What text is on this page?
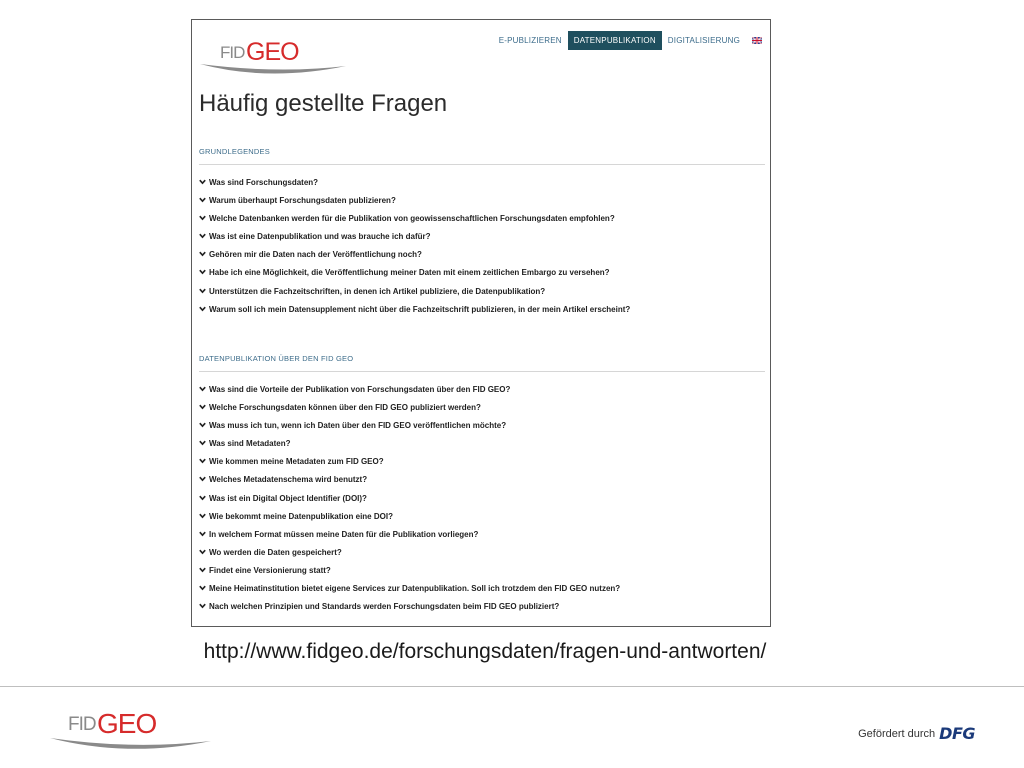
FID GEO	E-PUBLIZIEREN	DATENPUBLIKATION	DIGITALISIERUNG
Häufig gestellte Fragen
GRUNDLEGENDES
Was sind Forschungsdaten?
Warum überhaupt Forschungsdaten publizieren?
Welche Datenbanken werden für die Publikation von geowissenschaftlichen Forschungsdaten empfohlen?
Was ist eine Datenpublikation und was brauche ich dafür?
Gehören mir die Daten nach der Veröffentlichung noch?
Habe ich eine Möglichkeit, die Veröffentlichung meiner Daten mit einem zeitlichen Embargo zu versehen?
Unterstützen die Fachzeitschriften, in denen ich Artikel publiziere, die Datenpublikation?
Warum soll ich mein Datensupplement nicht über die Fachzeitschrift publizieren, in der mein Artikel erscheint?
DATENPUBLIKATION ÜBER DEN FID GEO
Was sind die Vorteile der Publikation von Forschungsdaten über den FID GEO?
Welche Forschungsdaten können über den FID GEO publiziert werden?
Was muss ich tun, wenn ich Daten über den FID GEO veröffentlichen möchte?
Was sind Metadaten?
Wie kommen meine Metadaten zum FID GEO?
Welches Metadatenschema wird benutzt?
Was ist ein Digital Object Identifier (DOI)?
Wie bekommt meine Datenpublikation eine DOI?
In welchem Format müssen meine Daten für die Publikation vorliegen?
Wo werden die Daten gespeichert?
Findet eine Versionierung statt?
Meine Heimatinstitution bietet eigene Services zur Datenpublikation. Soll ich trotzdem den FID GEO nutzen?
Nach welchen Prinzipien und Standards werden Forschungsdaten beim FID GEO publiziert?
http://www.fidgeo.de/forschungsdaten/fragen-und-antworten/
FID GEO	Gefördert durch DFG
